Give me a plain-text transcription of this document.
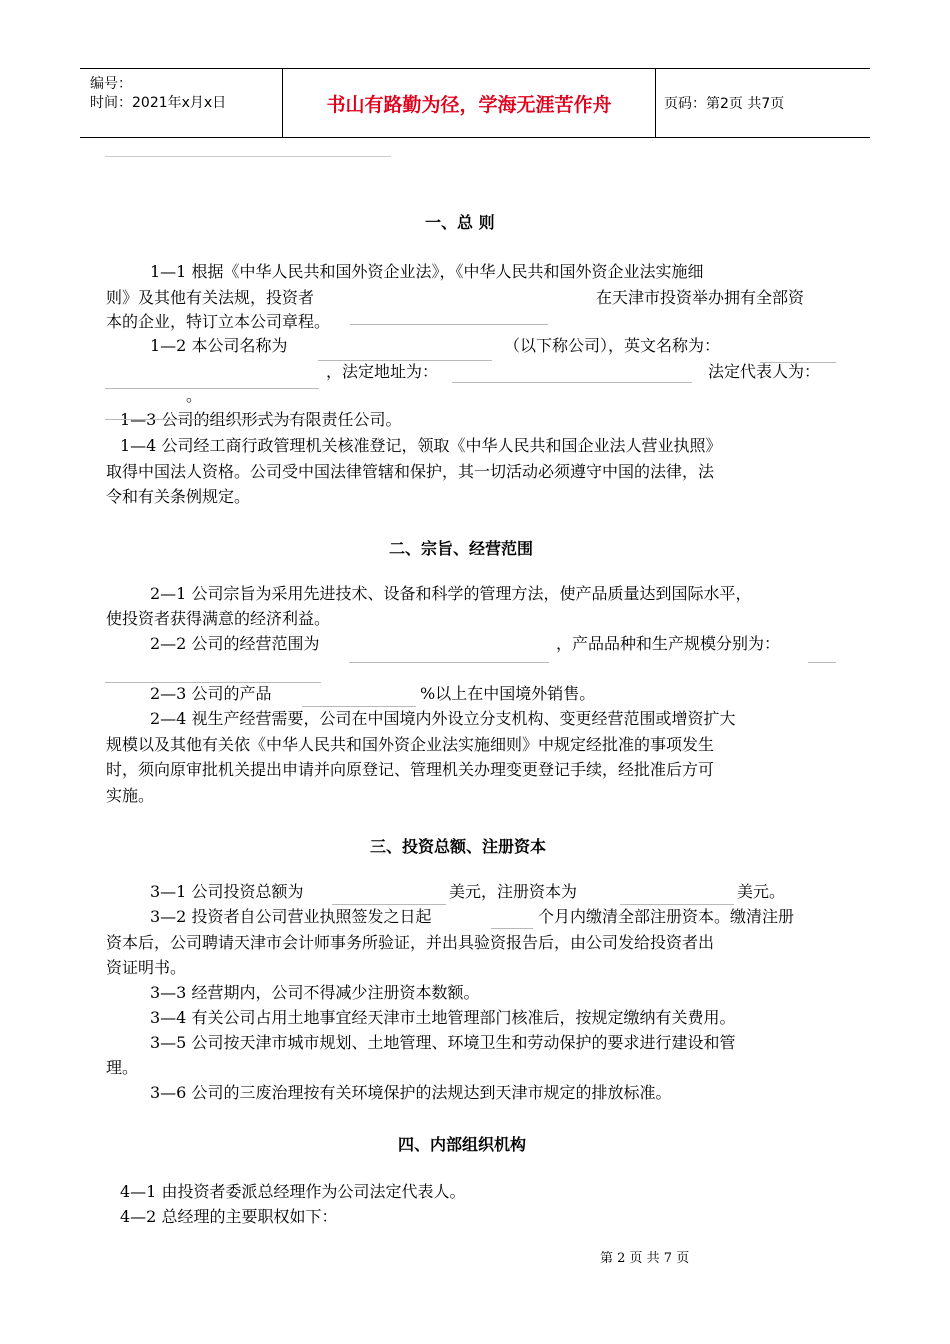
编号：
时间：2021年x月x日	书山有路勤为径，学海无涯苦作舟	页码：第2页 共7页
一、总 则
1—1 根据《中华人民共和国外资企业法》，《中华人民共和国外资企业法实施细
则》及其他有关法规，投资者	在天津市投资举办拥有全部资
本的企业，特订立本公司章程。
1—2 本公司名称为	（以下称公司），英文名称为：
，法定地址为：	法定代表人为：
。
1—3 公司的组织形式为有限责任公司。
1—4 公司经工商行政管理机关核准登记，领取《中华人民共和国企业法人营业执照》
取得中国法人资格。公司受中国法律管辖和保护，其一切活动必须遵守中国的法律，法
令和有关条例规定。
二、宗旨、经营范围
2—1 公司宗旨为采用先进技术、设备和科学的管理方法，使产品质量达到国际水平，
使投资者获得满意的经济利益。
2—2 公司的经营范围为	，产品品种和生产规模分别为：
2—3 公司的产品	%以上在中国境外销售。
2—4 视生产经营需要，公司在中国境内外设立分支机构、变更经营范围或增资扩大
规模以及其他有关依《中华人民共和国外资企业法实施细则》中规定经批准的事项发生
时，须向原审批机关提出申请并向原登记、管理机关办理变更登记手续，经批准后方可
实施。
三、投资总额、注册资本
3—1 公司投资总额为	美元，注册资本为	美元。
3—2 投资者自公司营业执照签发之日起	个月内缴清全部注册资本。缴清注册
资本后，公司聘请天津市会计师事务所验证，并出具验资报告后，由公司发给投资者出
资证明书。
3—3 经营期内，公司不得减少注册资本数额。
3—4 有关公司占用土地事宜经天津市土地管理部门核准后，按规定缴纳有关费用。
3—5 公司按天津市城市规划、土地管理、环境卫生和劳动保护的要求进行建设和管
理。
3—6 公司的三废治理按有关环境保护的法规达到天津市规定的排放标准。
四、内部组织机构
4—1 由投资者委派总经理作为公司法定代表人。
4—2 总经理的主要职权如下：
第 2 页 共 7 页
